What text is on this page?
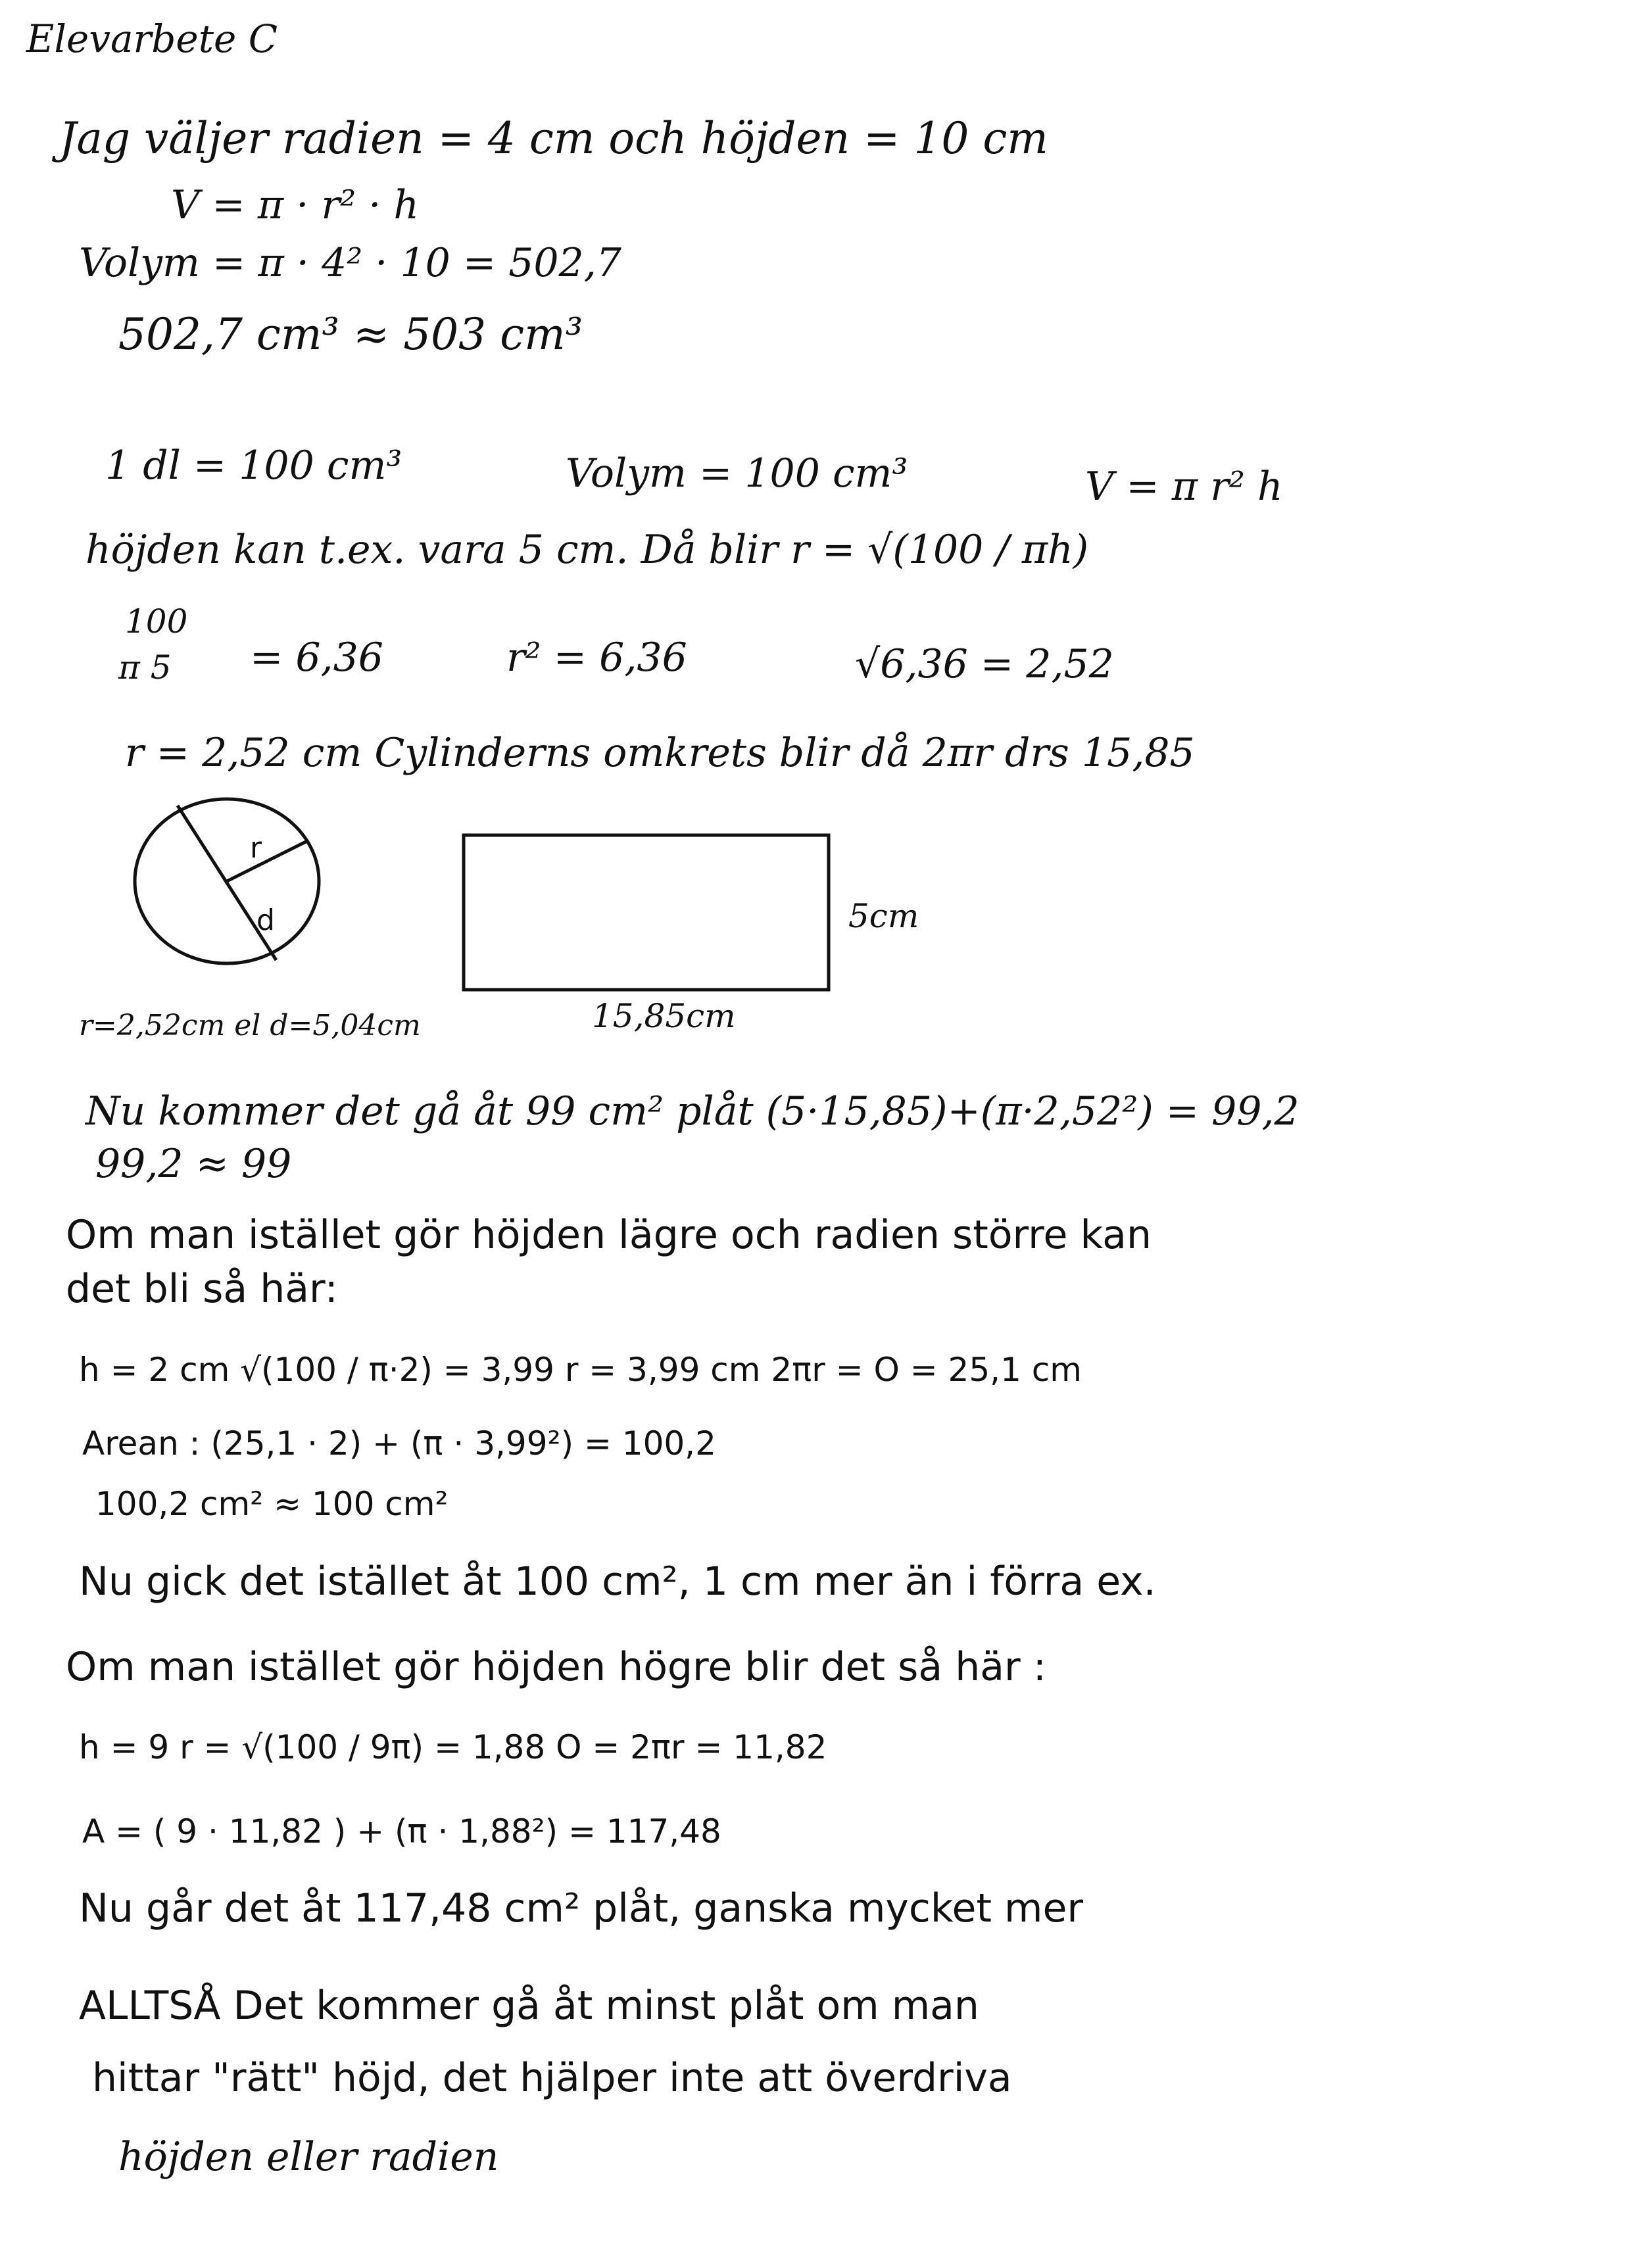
Elevarbete C
Jag väljer radien = 4 cm och höjden = 10 cm
V = π · r² · h
Volym = π · 4² · 10 = 502,7
502,7 cm³ ≈ 503 cm³
1 dl = 100 cm³	Volym = 100 cm³	V = π r² h
höjden kan t.ex. vara 5 cm. Då blir r = √(100 / πh)
100
π 5 = 6,36	r² = 6,36	√6,36 = 2,52
r = 2,52 cm Cylinderns omkrets blir då 2πr drs 15,85
r
d	5cm
15,85cm
r=2,52cm el d=5,04cm
Nu kommer det gå åt 99 cm² plåt (5·15,85)+(π·2,52²) = 99,2
99,2 ≈ 99
Om man istället gör höjden lägre och radien större kan
det bli så här:
h = 2 cm √(100 / π·2) = 3,99 r = 3,99 cm 2πr = O = 25,1 cm
Arean : (25,1 · 2) + (π · 3,99²) = 100,2
100,2 cm² ≈ 100 cm²
Nu gick det istället åt 100 cm², 1 cm mer än i förra ex.
Om man istället gör höjden högre blir det så här :
h = 9 r = √(100 / 9π) = 1,88 O = 2πr = 11,82
A = ( 9 · 11,82 ) + (π · 1,88²) = 117,48
Nu går det åt 117,48 cm² plåt, ganska mycket mer
ALLTSÅ Det kommer gå åt minst plåt om man
hittar "rätt" höjd, det hjälper inte att överdriva
höjden eller radien
